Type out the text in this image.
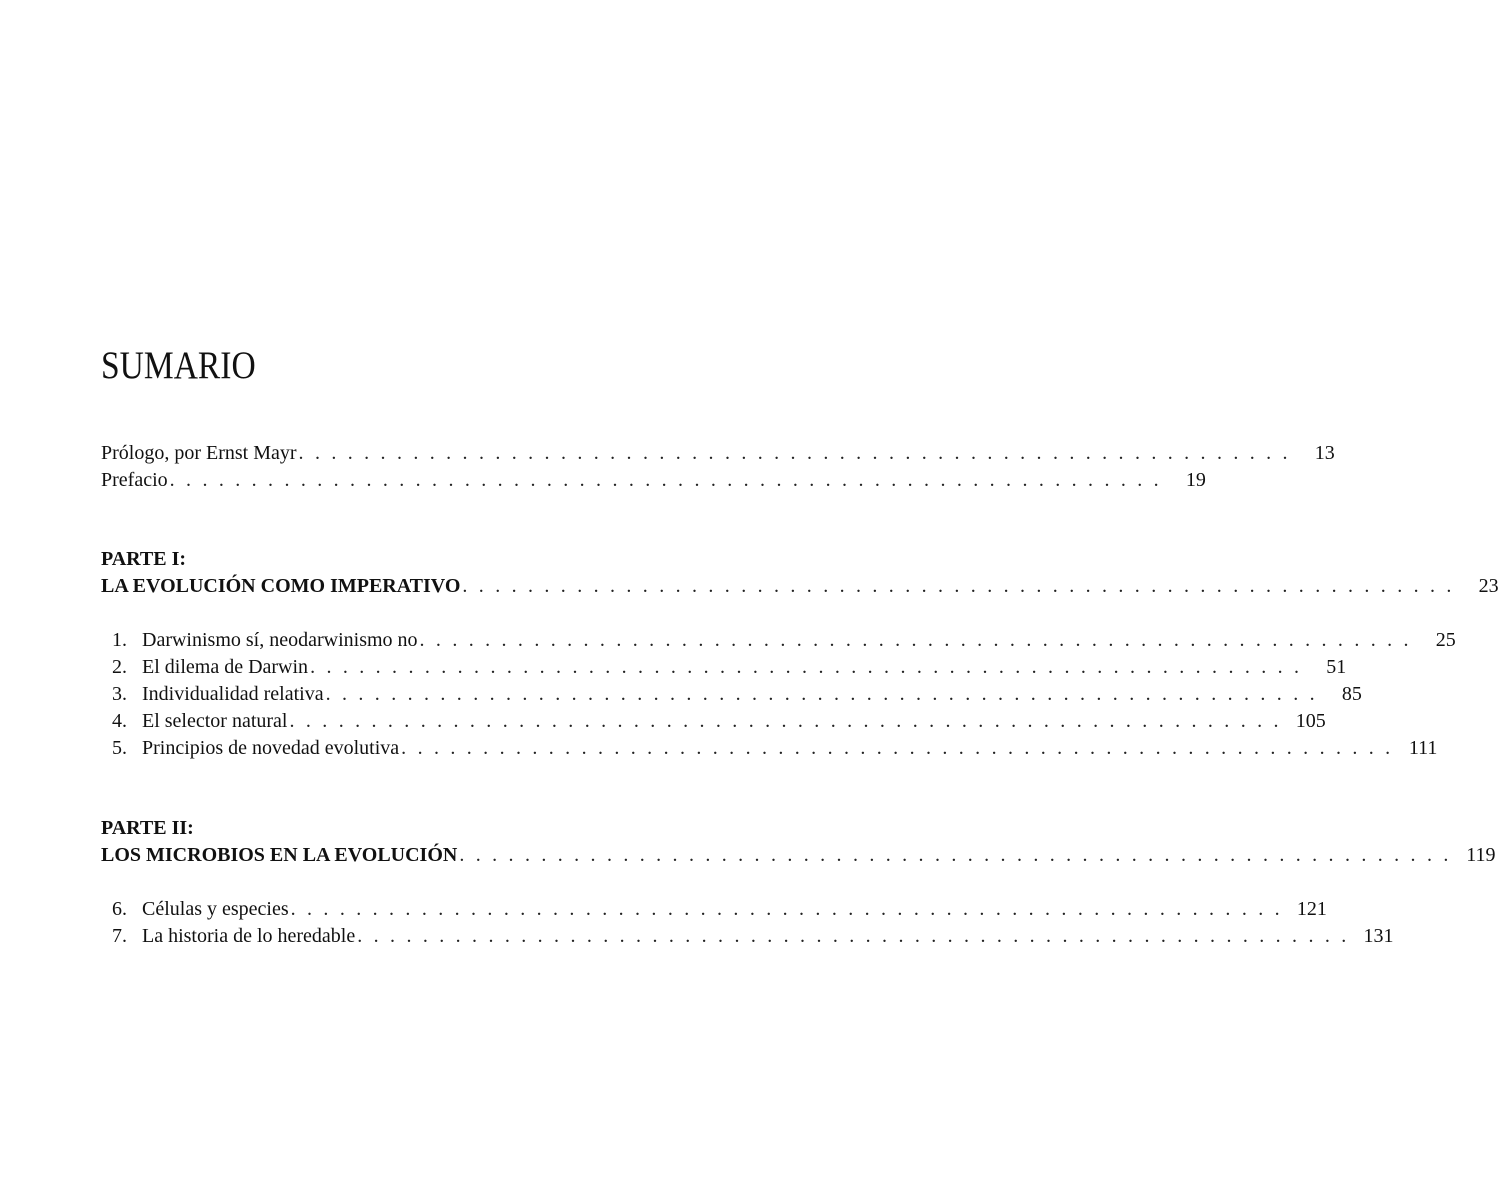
SUMARIO
Prólogo, por Ernst Mayr . . . . . . . . . . . . . . . . . . . . . . . . . . . . . . . . . . . . . . . . . . . . . . . . . . . . . . . . . . . . .	13
Prefacio . . . . . . . . . . . . . . . . . . . . . . . . . . . . . . . . . . . . . . . . . . . . . . . . . . . . . . . . . . . . .	19
PARTE I:
LA EVOLUCIÓN COMO IMPERATIVO . . . . . . . . . . . . . . . . . . . . . . . . . . . . . . . . . . . . . . . . . . . . . . . . . . . . . . . . . . . . .	23
1. Darwinismo sí, neodarwinismo no . . . . . . . . . . . . . . . . . . . . . . . . . . . . . . . . . . . . . . . . . . . . . . . . . . . . . . . . . . . . .	25
2. El dilema de Darwin . . . . . . . . . . . . . . . . . . . . . . . . . . . . . . . . . . . . . . . . . . . . . . . . . . . . . . . . . . . . .	51
3. Individualidad relativa . . . . . . . . . . . . . . . . . . . . . . . . . . . . . . . . . . . . . . . . . . . . . . . . . . . . . . . . . . . . .	85
4. El selector natural . . . . . . . . . . . . . . . . . . . . . . . . . . . . . . . . . . . . . . . . . . . . . . . . . . . . . . . . . . . . . 105
5. Principios de novedad evolutiva . . . . . . . . . . . . . . . . . . . . . . . . . . . . . . . . . . . . . . . . . . . . . . . . . . . . . . . . . . . . . 111
PARTE II:
LOS MICROBIOS EN LA EVOLUCIÓN . . . . . . . . . . . . . . . . . . . . . . . . . . . . . . . . . . . . . . . . . . . . . . . . . . . . . . . . . . . . . 119
6. Células y especies . . . . . . . . . . . . . . . . . . . . . . . . . . . . . . . . . . . . . . . . . . . . . . . . . . . . . . . . . . . . . 121
7. La historia de lo heredable . . . . . . . . . . . . . . . . . . . . . . . . . . . . . . . . . . . . . . . . . . . . . . . . . . . . . . . . . . . . . 131
